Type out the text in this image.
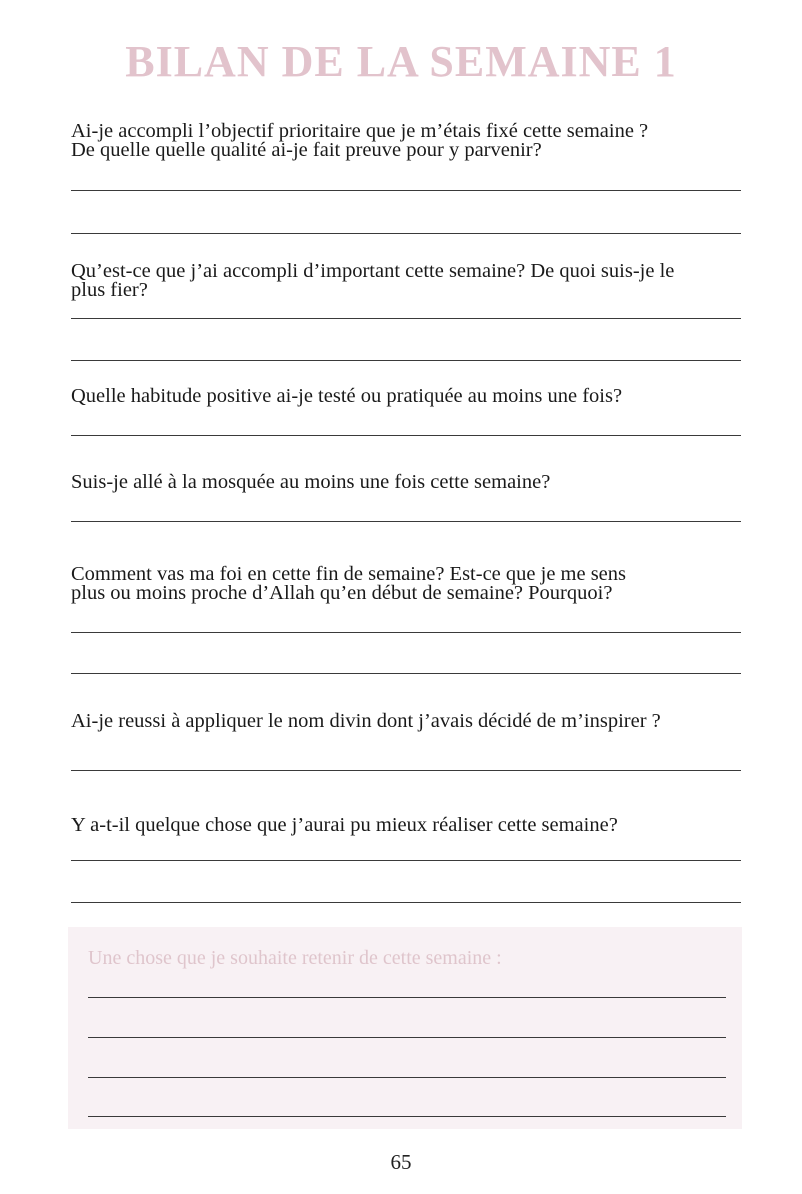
BILAN DE LA SEMAINE 1

Ai-je accompli l’objectif prioritaire que je m’étais fixé cette semaine ?
De quelle quelle qualité ai-je fait preuve pour y parvenir?

Qu’est-ce que j’ai accompli d’important cette semaine? De quoi suis-je le
plus fier?

Quelle habitude positive ai-je testé ou pratiquée au moins une fois?

Suis-je allé à la mosquée au moins une fois cette semaine?

Comment vas ma foi en cette fin de semaine? Est-ce que je me sens
plus ou moins proche d’Allah qu’en début de semaine? Pourquoi?

Ai-je reussi à appliquer le nom divin dont j’avais décidé de m’inspirer ?

Y a-t-il quelque chose que j’aurai pu mieux réaliser cette semaine?

Une chose que je souhaite retenir de cette semaine :

65
